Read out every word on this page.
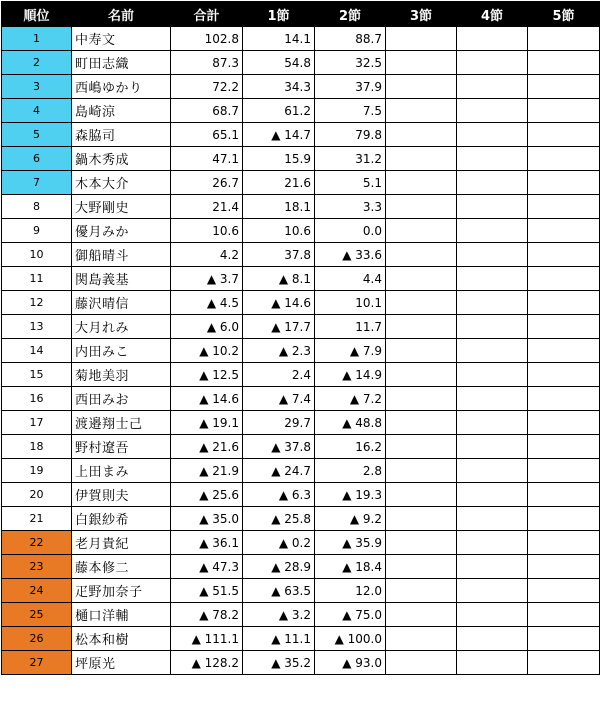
順位	名前	合計	1節	2節	3節	4節	5節
1	中寿文	102.8	14.1	88.7			
2	町田志織	87.3	54.8	32.5			
3	西嶋ゆかり	72.2	34.3	37.9			
4	島崎涼	68.7	61.2	7.5			
5	森脇司	65.1	▲ 14.7	79.8			
6	鍋木秀成	47.1	15.9	31.2			
7	木本大介	26.7	21.6	5.1			
8	大野剛史	21.4	18.1	3.3			
9	優月みか	10.6	10.6	0.0			
10	御船晴斗	4.2	37.8	▲ 33.6			
11	関島義基	▲ 3.7	▲ 8.1	4.4			
12	藤沢晴信	▲ 4.5	▲ 14.6	10.1			
13	大月れみ	▲ 6.0	▲ 17.7	11.7			
14	内田みこ	▲ 10.2	▲ 2.3	▲ 7.9			
15	菊地美羽	▲ 12.5	2.4	▲ 14.9			
16	西田みお	▲ 14.6	▲ 7.4	▲ 7.2			
17	渡邉翔士己	▲ 19.1	29.7	▲ 48.8			
18	野村遼吾	▲ 21.6	▲ 37.8	16.2			
19	上田まみ	▲ 21.9	▲ 24.7	2.8			
20	伊賀則夫	▲ 25.6	▲ 6.3	▲ 19.3			
21	白銀紗希	▲ 35.0	▲ 25.8	▲ 9.2			
22	老月貴紀	▲ 36.1	▲ 0.2	▲ 35.9			
23	藤本修二	▲ 47.3	▲ 28.9	▲ 18.4			
24	疋野加奈子	▲ 51.5	▲ 63.5	12.0			
25	樋口洋輔	▲ 78.2	▲ 3.2	▲ 75.0			
26	松本和樹	▲ 111.1	▲ 11.1	▲ 100.0			
27	坪原光	▲ 128.2	▲ 35.2	▲ 93.0			
